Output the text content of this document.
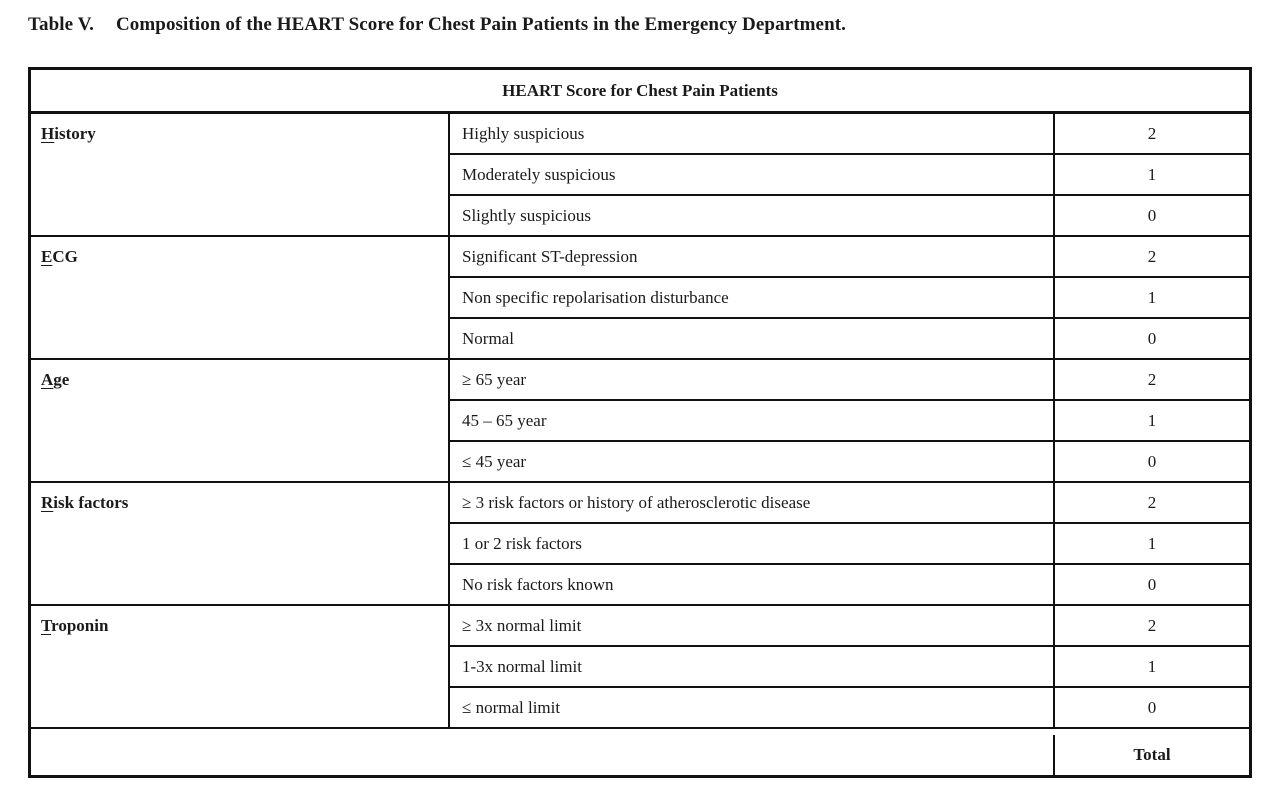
Table V. Composition of the HEART Score for Chest Pain Patients in the Emergency Department.
HEART Score for Chest Pain Patients
History	Highly suspicious	2
Moderately suspicious	1
Slightly suspicious	0
ECG	Significant ST-depression	2
Non specific repolarisation disturbance	1
Normal	0
Age	≥ 65 year	2
45 – 65 year	1
≤ 45 year	0
Risk factors	≥ 3 risk factors or history of atherosclerotic disease	2
1 or 2 risk factors	1
No risk factors known	0
Troponin	≥ 3x normal limit	2
1-3x normal limit	1
≤ normal limit	0
Total
